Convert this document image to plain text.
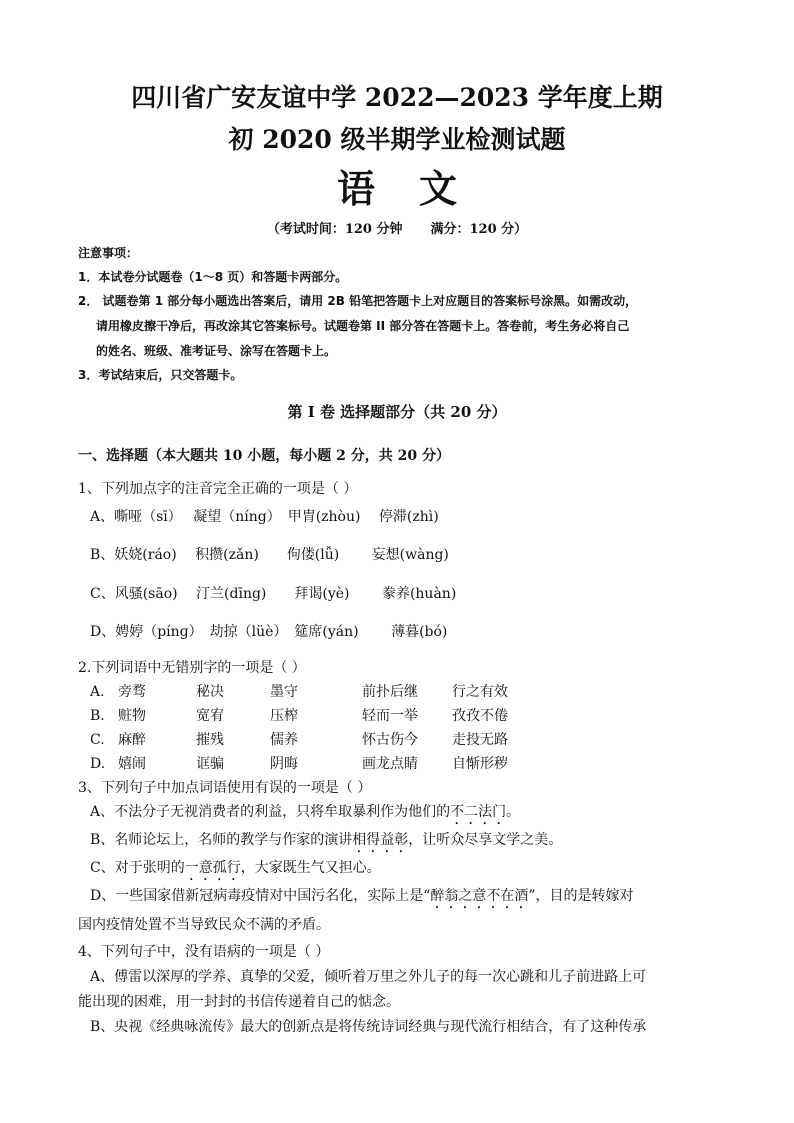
四川省广安友谊中学 2022—2023 学年度上期
初 2020 级半期学业检测试题
语文
（考试时间：120 分钟 满分：120 分）
注意事项：
1．本试卷分试题卷（1～8 页）和答题卡两部分。
2． 试题卷第 1 部分每小题选出答案后，请用 2B 铅笔把答题卡上对应题目的答案标号涂黑。如需改动，
请用橡皮擦干净后，再改涂其它答案标号。试题卷第 II 部分答在答题卡上。答卷前，考生务必将自己
的姓名、班级、准考证号、涂写在答题卡上。
3．考试结束后，只交答题卡。
第 Ⅰ 卷 选择题部分（共 20 分）
一、选择题（本大题共 10 小题，每小题 2 分，共 20 分）
1、下列加点字的注音完全正确的一项是（ ）
A、嘶哑（sī）　 凝望（níng）　甲胄(zhòu)　 停滞(zhì)
B、妖娆(ráo)　 积攒(zǎn)　　佝偻(lǚ)　　 妄想(wàng)
C、风骚(sāo)　 汀兰(dīng)　　拜谒(yè)　　 豢养(huàn)
D、娉婷（pínɡ）　劫掠（lüè）　筵席(yán)　　 薄暮(bó)
2.下列词语中无错别字的一项是（ ）
A. 旁骛	秘决	墨守	前扑后继 行之有效
B. 赃物	宽宥	压榨	轻而一举 孜孜不倦
C. 麻醉	摧残	儒养	怀古伤今 走投无路
D. 嬉闹	诓骗	阴晦	画龙点睛 自惭形秽
3、下列句子中加点词语使用有误的一项是（ ）
A、不法分子无视消费者的利益，只将牟取暴利作为他们的不二法门。
B、名师论坛上，名师的教学与作家的演讲相得益彰，让听众尽享文学之美。
C、对于张明的一意孤行，大家既生气又担心。
D、一些国家借新冠病毒疫情对中国污名化，实际上是“醉翁之意不在酒”，目的是转嫁对
国内疫情处置不当导致民众不满的矛盾。
4、下列句子中，没有语病的一项是（ ）
A、傅雷以深厚的学养、真挚的父爱，倾听着万里之外儿子的每一次心跳和儿子前进路上可
能出现的困难，用一封封的书信传递着自己的惦念。
B、央视《经典咏流传》最大的创新点是将传统诗词经典与现代流行相结合，有了这种传承
